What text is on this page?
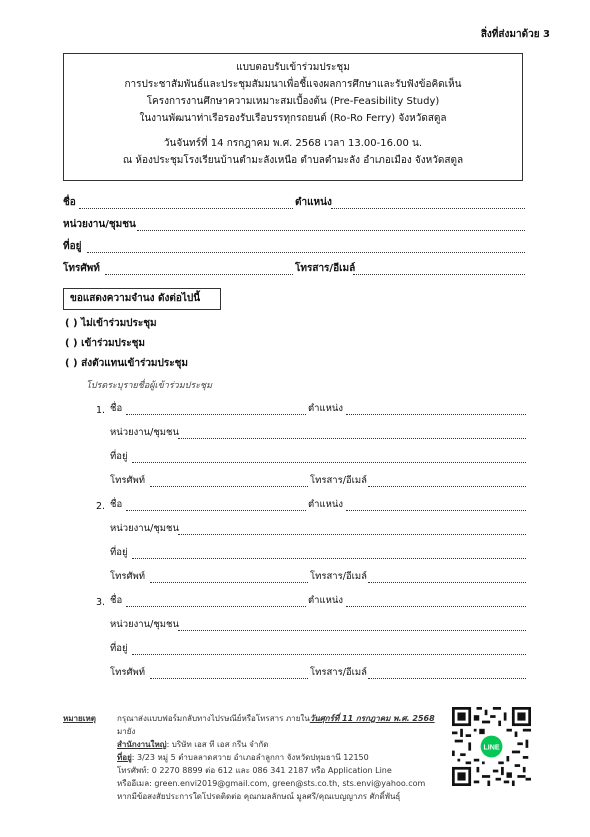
สิ่งที่ส่งมาด้วย 3
แบบตอบรับเข้าร่วมประชุม
การประชาสัมพันธ์และประชุมสัมมนาเพื่อชี้แจงผลการศึกษาและรับฟังข้อคิดเห็น
โครงการงานศึกษาความเหมาะสมเบื้องต้น (Pre-Feasibility Study)
ในงานพัฒนาท่าเรือรองรับเรือบรรทุกรถยนต์ (Ro-Ro Ferry) จังหวัดสตูล
วันจันทร์ที่ 14 กรกฎาคม พ.ศ. 2568 เวลา 13.00-16.00 น.
ณ ห้องประชุมโรงเรียนบ้านตำมะลังเหนือ ตำบลตำมะลัง อำเภอเมือง จังหวัดสตูล
ชื่อ	ตำแหน่ง
หน่วยงาน/ชุมชน
ที่อยู่
โทรศัพท์	โทรสาร/อีเมล์
ขอแสดงความจำนง ดังต่อไปนี้
( ) ไม่เข้าร่วมประชุม
( ) เข้าร่วมประชุม
( ) ส่งตัวแทนเข้าร่วมประชุม
โปรดระบุรายชื่อผู้เข้าร่วมประชุม
1. ชื่อ	ตำแหน่ง
หน่วยงาน/ชุมชน
ที่อยู่
โทรศัพท์	โทรสาร/อีเมล์
2. ชื่อ	ตำแหน่ง
หน่วยงาน/ชุมชน
ที่อยู่
โทรศัพท์	โทรสาร/อีเมล์
3. ชื่อ	ตำแหน่ง
หน่วยงาน/ชุมชน
ที่อยู่
โทรศัพท์	โทรสาร/อีเมล์
หมายเหตุ	กรุณาส่งแบบฟอร์มกลับทางไปรษณีย์หรือโทรสาร ภายในวันศุกร์ที่ 11 กรกฎาคม พ.ศ. 2568 มายัง
สำนักงานใหญ่: บริษัท เอส ที เอส กรีน จำกัด
ที่อยู่: 3/23 หมู่ 5 ตำบลลาดสวาย อำเภอลำลูกกา จังหวัดปทุมธานี 12150
โทรศัพท์: 0 2270 8899 ต่อ 612 และ 086 341 2187 หรือ Application Line
หรืออีเมล: green.envi2019@gmail.com, green@sts.co.th, sts.envi@yahoo.com
หากมีข้อสงสัยประการใดโปรดติดต่อ คุณกมลลักษณ์ มูลศรี/คุณเบญญาภร ศักดิ์พันธุ์
LINE
